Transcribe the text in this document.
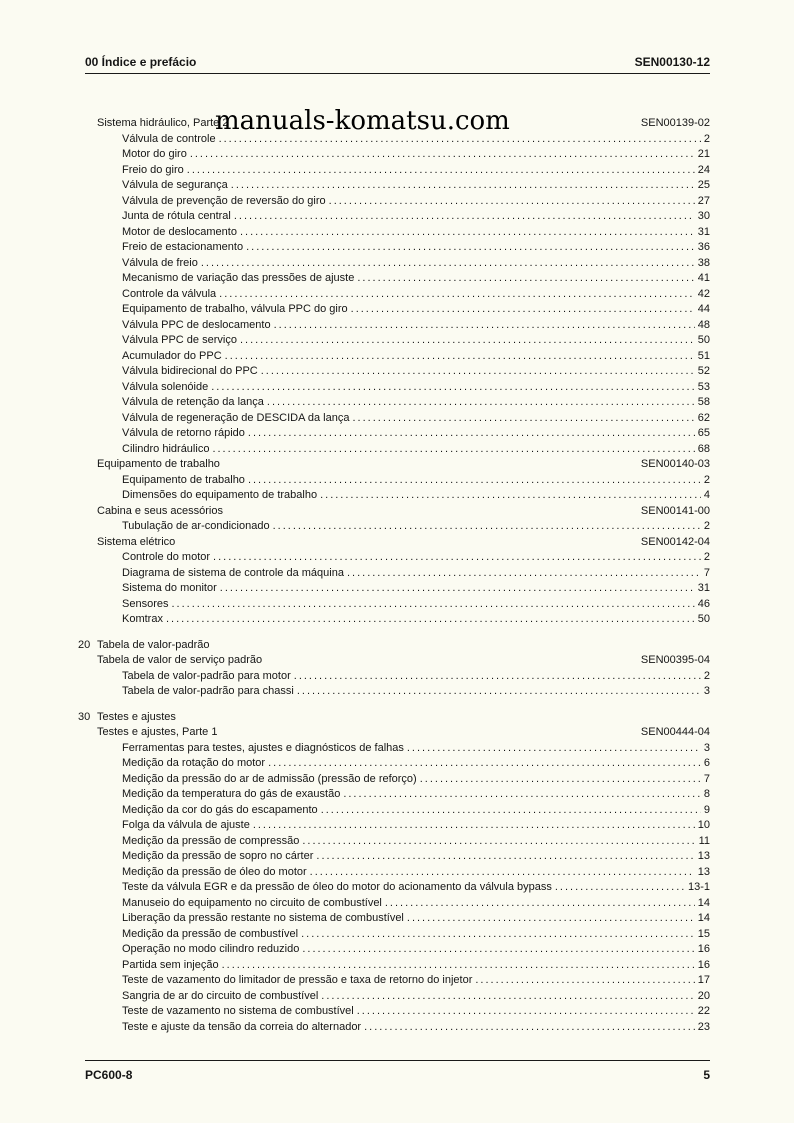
00 Índice e prefácio	SEN00130-12
manuals-komatsu.com
Sistema hidráulico, Parte 2	SEN00139-02
Válvula de controle .....	2
Motor do giro .....	21
Freio do giro .....	24
Válvula de segurança .....	25
Válvula de prevenção de reversão do giro .....	27
Junta de rótula central .....	30
Motor de deslocamento .....	31
Freio de estacionamento .....	36
Válvula de freio .....	38
Mecanismo de variação das pressões de ajuste .....	41
Controle da válvula .....	42
Equipamento de trabalho, válvula PPC do giro .....	44
Válvula PPC de deslocamento .....	48
Válvula PPC de serviço .....	50
Acumulador do PPC .....	51
Válvula bidirecional do PPC .....	52
Válvula solenóide .....	53
Válvula de retenção da lança .....	58
Válvula de regeneração de DESCIDA da lança .....	62
Válvula de retorno rápido .....	65
Cilindro hidráulico .....	68
Equipamento de trabalho	SEN00140-03
Equipamento de trabalho .....	2
Dimensões do equipamento de trabalho .....	4
Cabina e seus acessórios	SEN00141-00
Tubulação de ar-condicionado .....	2
Sistema elétrico	SEN00142-04
Controle do motor .....	2
Diagrama de sistema de controle da máquina .....	7
Sistema do monitor .....	31
Sensores .....	46
Komtrax .....	50
20 Tabela de valor-padrão
Tabela de valor de serviço padrão	SEN00395-04
Tabela de valor-padrão para motor .....	2
Tabela de valor-padrão para chassi .....	3
30 Testes e ajustes
Testes e ajustes, Parte 1	SEN00444-04
Ferramentas para testes, ajustes e diagnósticos de falhas .....	3
Medição da rotação do motor .....	6
Medição da pressão do ar de admissão (pressão de reforço) .....	7
Medição da temperatura do gás de exaustão .....	8
Medição da cor do gás do escapamento .....	9
Folga da válvula de ajuste .....	10
Medição da pressão de compressão .....	11
Medição da pressão de sopro no cárter .....	13
Medição da pressão de óleo do motor .....	13
Teste da válvula EGR e da pressão de óleo do motor do acionamento da válvula bypass .....	13-1
Manuseio do equipamento no circuito de combustível .....	14
Liberação da pressão restante no sistema de combustível .....	14
Medição da pressão de combustível .....	15
Operação no modo cilindro reduzido .....	16
Partida sem injeção .....	16
Teste de vazamento do limitador de pressão e taxa de retorno do injetor .....	17
Sangria de ar do circuito de combustível .....	20
Teste de vazamento no sistema de combustível .....	22
Teste e ajuste da tensão da correia do alternador .....	23
PC600-8	5
